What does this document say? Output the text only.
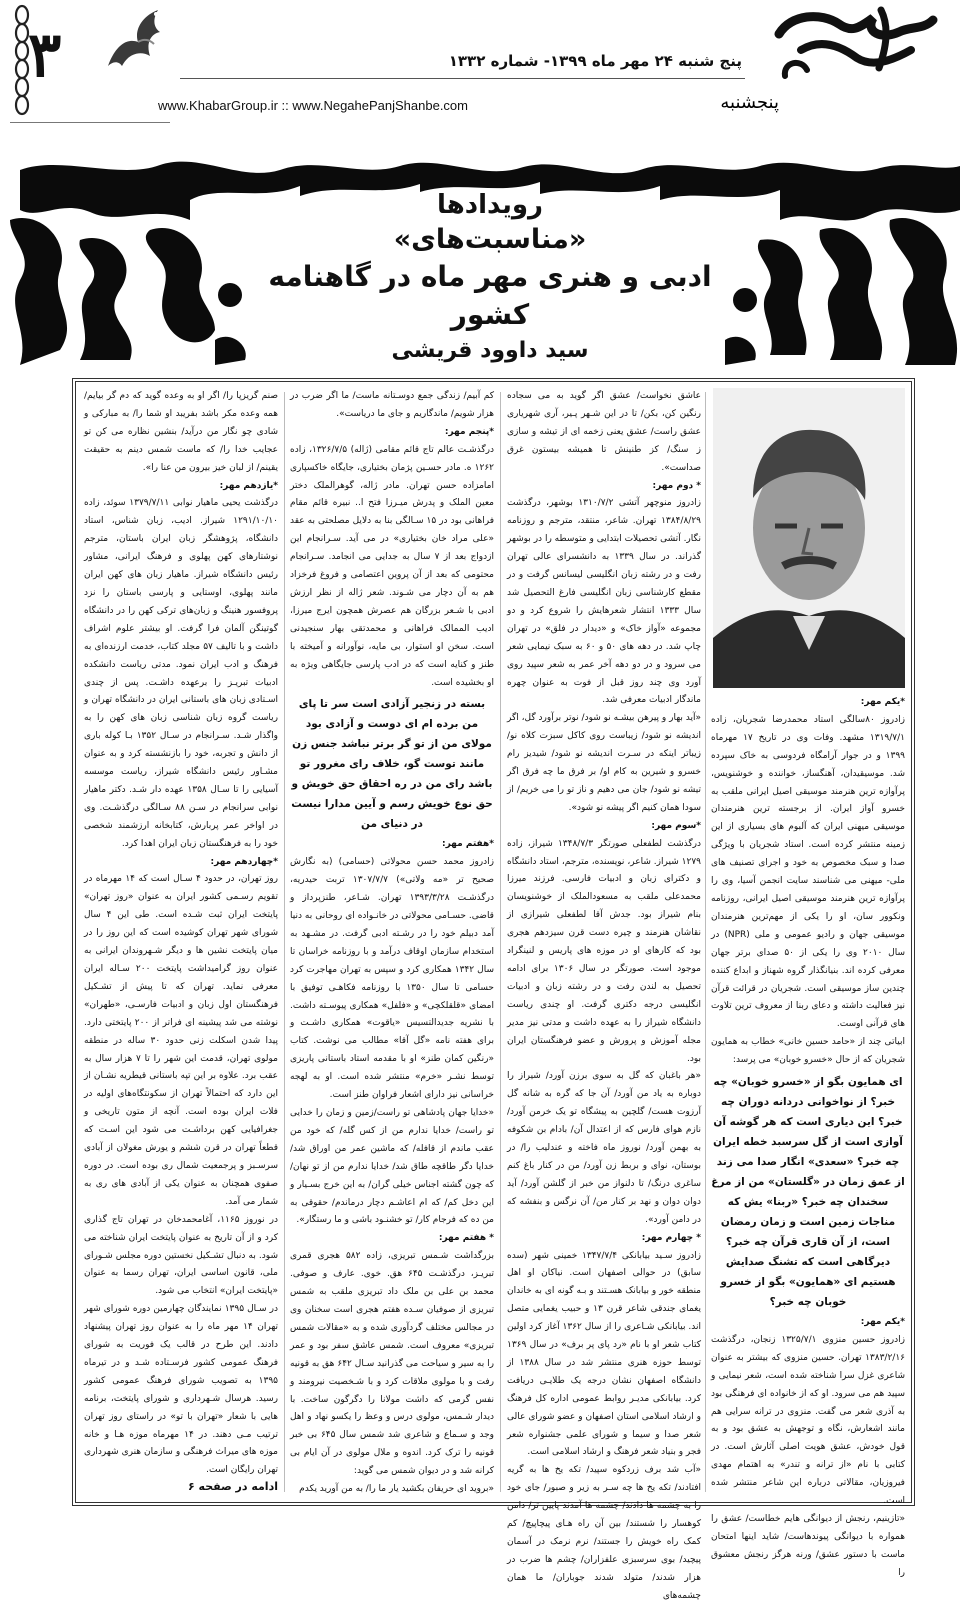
۳	پنج شنبه ۲۴ مهر ماه ۱۳۹۹- شماره ۱۳۳۲
www.KhabarGroup.ir :: www.NegahePanjShanbe.com	پنجشنبه
نگاه
رویدادها
«مناسبت‌های»
ادبی و هنری مهر ماه در گاهنامه کشور
سید داوود قریشی

*یکم مهر:

زادروز ۸۰سالگی استاد محمدرضا شجریان، زاده ۱۳۱۹/۷/۱ مشهد. وفات وی در تاریخ ۱۷ مهرماه ۱۳۹۹ و در جوار آرامگاه فردوسی به خاک سپرده شد. موسیقیدان، آهنگساز، خواننده و خوشنویس، پرآوازه ترین هنرمند موسیقی اصیل ایرانی ملقب به خسرو آواز ایران. از برجسته ترین هنرمندان موسیقی میهنی ایران که آلبوم های بسیاری از این زمینه منتشر کرده است. استاد شجریان با ویژگی صدا و سبک مخصوص به خود و اجرای تصنیف های ملی- میهنی می شناسند سایت انجمن آسیا، وی را پرآوازه ترین هنرمند موسیقی اصیل ایرانی، روزنامه ونکوور سان، او را یکی از مهم‌ترین هنرمندان موسیقی جهان و رادیو عمومی و ملی (NPR) در سال ۲۰۱۰ وی را یکی از ۵۰ صدای برتر جهان معرفی کرده اند. بنیانگذار گروه شهناز و ابداع کننده چندین ساز موسیقی است. شجریان در قرائت قرآن نیز فعالیت داشته و دعای ربنا از معروف ترین تلاوت های قرآنی اوست.

ابیاتی چند از «حامد حسین خانی» خطاب به همایون شجریان که از حال «خسرو خوبان» می پرسد:

ای همایون بگو از «خسرو خوبان» چه خبر؟ از نواخوانی دردانه دوران چه خبر؟ این دیاری است که هر گوشه آن آوازی است از گل سرسبد خطه ایران چه خبر؟ «سعدی» انگار صدا می زند از عمق زمان در «گلستان» من از مرغ سخندان چه خبر؟ «ربنا» یش که مناجات زمین است و زمان رمضان است، از آن قاری قرآن چه خبر؟ دیرگاهی است که تشنگ صدایش هستیم ای «همایون» بگو از خسرو خوبان چه خبر؟

*یکم مهر:

زادروز حسین منزوی ۱۳۲۵/۷/۱ زنجان، درگذشت ۱۳۸۳/۲/۱۶ تهران. حسین منزوی که بیشتر به عنوان شاعری غزل سرا شناخته شده است، شعر نیمایی و سپید هم می سرود. او که از خانواده ای فرهنگی بود به آذری شعر می گفت. منزوی در ترانه سرایی هم مانند اشعارش، نگاه و توجهش به عشق بود و به قول خودش، عشق هویت اصلی آثارش است. در کتابی با نام «از ترانه و تندر» به اهتمام مهدی فیروزیان، مقالاتی درباره این شاعر منتشر شده است.

«تازینیم، رنجش از دیوانگی هایم خطاست/ عشق را همواره با دیوانگی پیوندهاست/ شاید اینها امتحان ماست با دستور عشق/ ورنه هرگز رنجش معشوق را

عاشق نخواست/ عشق اگر گوید به می سجاده رنگین کن، بکن/ تا در این شـهر پـیر، آری شهریاری عشق راست/ عشق یعنی زخمه ای از تیشه و سازی ز سنگ/ کز طنینش تا همیشه بیستون غرق صداست».

* دوم مهر:

زادروز منوچهر آتشی ۱۳۱۰/۷/۲ بوشهر، درگذشت ۱۳۸۴/۸/۲۹ تهران. شاعر، منتقد، مترجم و روزنامه نگار. آتشی تحصیلات ابتدایی و متوسطه را در بوشهر گذراند. در سال ۱۳۳۹ به دانشسرای عالی تهران رفت و در رشته زبان انگلیسی لیسانس گرفت و در مقطع کارشناسی زبان انگلیسی فارغ التحصیل شد سال ۱۳۳۳ انتشار شعرهایش را شروع کرد و دو مجموعه «آواز خاک» و «دیدار در فلق» در تهران چاپ شد. در دهه های ۵۰ و ۶۰ به سبک نیمایی شعر می سرود و در دو دهه آخر عمر به شعر سپید روی آورد وی چند روز قبل از فوت به عنوان چهره ماندگار ادبیات معرفی شد.

«آید بهار و پیرهن بیشـه نو شود/ نوتر برآورد گل، اگر اندیشه نو شود/ زیباست روی کاکل سبزت کلاه نو/ زیباتر اینکه در سـرت اندیشه نو شود/ شیدیز رام خسرو و شیرین به کام او/ بر فرق ما چه فرق اگر تیشه نو شود/ جان می دهیم و ناز تو را می خریم/ از سودا همان کنیم اگر پیشه نو شود».

*سوم مهر:

درگذشت لطفعلی صورتگر ۱۳۴۸/۷/۳ شیراز، زاده ۱۲۷۹ شیراز. شاعر، نویسنده، مترجم، استاد دانشگاه و دکترای زبان و ادبیات فارسی. فرزند میرزا محمدعلی ملقب به مسعودالملک از خوشنویسان بنام شیراز بود. جدش آقا لطفعلی شیرازی از نقاشان هنرمند و چیره دست قرن سیزدهم هجری بود که کارهای او در موزه های پاریس و لنینگراد موجود است. صورتگر در سال ۱۳۰۶ برای ادامه تحصیل به لندن رفت و در رشته زبان و ادبیات انگلیسی درجه دکتری گرفت. او چندی ریاست دانشگاه شیراز را به عهده داشت و مدتی نیز مدیر مجله آموزش و پرورش و عضو فرهنگستان ایران بود.

«هر باغبان که گل به سوی برزن آورد/ شیراز را دوباره به یاد من آورد/ آن جا که گره به شانه گل آرزوت هست/ گلچین به پیشگاه تو یک خرمن آورد/ نازم هوای فارس که از اعتدال آن/ بادام بن شکوفه به بهمن آورد/ نوروز ماه فاخته و عندلیب را/ در بوستان، نوای و بربط زن آورد/ من در کنار باغ کنم ساغری درنگ/ تا دلنواز من خبر از گلشن آورد/ آید دوان دوان و نهد بر کنار من/ آن نرگس و بنفشه که در دامن آورد».

* چهارم مهر:

زادروز سـید بیابانکی ۱۳۴۷/۷/۴ خمینی شهر (سده سابق) در حوالی اصفهان است. نیاکان او اهل منطقه خور و بیابانک هسـتند و بـه گونه ای به خاندان یغمای جندقی شاعر قرن ۱۳ و حبیب یغمایی متصل اند. بیابانکی شـاعری را از سال ۱۳۶۲ آغاز کرد اولین کتاب شعر او با نام «رد پای پر برف» در سال ۱۳۶۹ توسط حوزه هنری منتشر شد در سال ۱۳۸۸ از دانشگاه اصفهان نشان درجه یک طلایـی دریافت کرد. بیابانکی مدیـر روابط عمومی اداره کل فرهنگ و ارشاد اسلامی استان اصفهان و عضو شورای عالی شعر صدا و سیما و شورای علمی جشنواره شعر فجر و بنیاد شعر فرهنگ و ارشاد اسلامی است.

«آب شد برف زردکوه سپید/ تکه یخ ها به گریه افتادند/ تکه یخ ها چه سـر به زیر و صبور/ جای خود را به چشمه ها دادند/ چشمه ها آمدند پایین تر/ دامن کوهسار را شستند/ بین آن راه هـای پیچاپیچ/ کم کمک راه خویش را جستند/ نرم نرمک در آسمان پیچید/ بوی سرسبزی علفزاران/ چشم ها ضرب در هزار شدند/ متولد شدند جوباران/ ما همان چشمه‌های

کم آبیم/ زندگی جمع دوسـتانه ماست/ ما اگر ضرب در هزار شویم/ ماندگاریم و جای ما دریاست».

*پنجم مهر:

درگذشـت عالم تاج قائم مقامی (ژاله) ۱۳۲۶/۷/۵، زاده ۱۲۶۲ ه. مادر حسـین پژمان بختیاری، جایگاه خاکسپاری امامزاده حسن تهران. مادر ژاله، گوهرالملک دختر معین الملک و پدرش میـرزا فتح ا.. نبیره قائم مقام فراهانی بود در ۱۵ سـالگی بنا به دلایل مصلحتی به عقد «علی مراد خان بختیاری» در می آید. سـرانجام این ازدواج بعد از ۷ سال به جدایی می انجامد. سـرانجام محتومی که بعد از آن پروین اعتصامی و فروغ فرخزاد هم به آن دچار می شـوند. شعر ژاله از نظر ارزش ادبی با شـعر بزرگان هم عصرش همچون ایرج میرزا، ادیب الممالک فراهانی و محمدتقی بهار سنجیدنی است. سخن او استوار، بی مایه، نوآورانه و آمیخته با طنز و کنایه است که در ادب پارسی جایگاهی ویژه به او بخشیده است.

بسته در زنجیر آزادی است سر تا پای من برده ام ای دوست و آزادی بود مولای من از تو گر برتر نباشد جنس زن مانند توست گو، خلاف رای مغرور تو باشد رای من در ره احقاق حق خویش و حق نوع خویش رسم و آیین مدارا نیست در دنیای من

*هفتم مهر:

زادروز محمد حسن محولاتی (حسامی) (به نگارش صحیح تر «مه ولاتی») ۱۳۰۷/۷/۷ تربت حیدریه، درگذشـت ۱۳۹۳/۳/۲۸ تهران. شـاعر، طنزپرداز و قاضی. حسـامی محولاتی در خانـواده ای روحانی به دنیا آمد دبیلم خود را در رشـته ادبی گرفت. در مشـهد به استخدام سازمان اوقاف درآمد و با روزنامه خراسان تا سال ۱۳۴۲ همکاری کرد و سپس به تهران مهاجرت کرد حسامی تا سال ۱۳۵۰ با روزنامه فکاهـی توفیق با امضای «قلقلکچی» و «فلفل» همکاری پیوسـته داشت. با نشریه جدیدالتسیس «یاقوت» همکاری داشـت و برای هفته نامه «گل آقا» مطالب می نوشت. کتاب «رنگین کمان طنز» او با مقدمه استاد باستانی پاریزی توسط نشـر «خرم» منتشر شده است. او به لهجه خراسانی نیز دارای اشعار فراوان طنز است.

«خدایا جهان پادشاهی تو راست/زمین و زمان را خدایی تو راست/ خدایا ندارم من از کس گله/ که خود من عقب ماندم از قافله/ که ماشین عمر من اوراق شد/ خدایا دگر طاقچه طاق شد/ خدایا ندارم من از تو نهان/ که چون گشته اجناس خیلی گران/ به این خرج بسـیار و این دخل کم/ که ام اعاشـم دچار درماندم/ حقوقی به من ده که فرجام کار/ تو خشنـود باشی و ما رستگار».

* هفتم مهر:

بزرگداشت شـمس تبریزی، زاده ۵۸۲ هجری قمری تبریـز، درگذشـت ۶۴۵ هق. خوی. عارف و صوفی. محمد بن علی بن ملک داد تبریزی ملقب به شمس تبریزی از صوفیان سـده هفتم هجری است سخنان وی در مجالس مختلف گردآوری شده و به «مقالات شمس تبریزی» معروف است. شمس عاشق سفر بود و عمر را به سیر و سیاحت می گذرانید سـال ۶۴۲ هق به قونیه رفت و با مولوی ملاقات کرد و با شـخصیت نیرومند و نفس گرمی که داشت مولانا را دگرگون ساخت. با دیدار شـمس، مولوی درس و وعظ را یکسو نهاد و اهل وجد و سـماع و شاعری شد شمس سال ۶۴۵ بی خبر قونیه را ترک کرد. اندوه و ملال مولوی در آن ایام بی کرانه شد و در دیوان شمس می گوید:

«بروید ای حریفان بکشید یار ما را/ به من آورید یکدم

صنم گریزپا را/ اگر او به وعده گوید که دم گر بیایم/ همه وعده مکر باشد بفریبد او شما را/ به مبارکی و شادی چو نگار من درآید/ بنشین نظاره می کن تو عجایب خدا را/ که ماست شمس دینم به حقیقت یقینم/ از لبان خیز بیرون من عنا را».

*یازدهم مهر:

درگذشت یحیی ماهیار نوابی ۱۳۷۹/۷/۱۱ سوئد، زاده ۱۲۹۱/۱۰/۱۰ شیراز. ادیب، زبان شناس، استاد دانشگاه، پژوهشگر زبان ایران باستان، مترجم نوشتارهای کهن پهلوی و فرهنگ ایرانی، مشاور رئیس دانشگاه شیراز. ماهیار زبان های کهن ایران مانند پهلوی، اوستایی و پارسی باستان را نزد پروفسور هنینگ و زبان‌های ترکی کهن را در دانشگاه گوتینگن آلمان فرا گرفت. او بیشتر علوم اشراف داشت و با تالیف ۵۷ مجلد کتاب، خدمت ارزنده‌ای به فرهنگ و ادب ایران نمود. مدتی ریاست دانشکده ادبیات تبریـز را برعهده داشـت. پس از چندی اسـتادی زبان های باستانی ایران در دانشگاه تهران و ریاست گروه زبان شناسی زبان های کهن را به واگذار شـد. سـرانجام در سـال ۱۳۵۲ بـا کوله باری از دانش و تجربه، خود را بازنشسته کرد و به عنوان مشـاور رئیس دانشگاه شیراز، ریاست موسسه آسیایی را تا سـال ۱۳۵۸ عهده دار شـد. دکتر ماهیار نوابی سرانجام در سـن ۸۸ سـالگی درگذشـت. وی در اواخر عمر پربارش، کتابخانه ارزشمند شخصی خود را به فرهنگستان زبان ایران اهدا کرد.

*چهاردهم مهر:

روز تهران، در حدود ۴ سـال است که ۱۴ مهرماه در تقویم رسـمی کشور ایران به عنوان «روز تهران» پایتخت ایران ثبت شـده است. طی این ۴ سال شورای شهر تهران کوشیده است که این روز را در میان پایتخت نشین ها و دیگر شـهروندان ایرانی به عنوان روز گرامیداشت پایتخت ۲۰۰ سـاله ایران معرفی نماید. تهران که تا پیش از تشـکیل فرهنگستان اول زبان و ادبیات فارسـی، «طهران» نوشته می شد پیشینه ای فراتر از ۲۰۰ پایتختی دارد. پیدا شدن اسکلت زنی حدود ۳۰ ساله در منطقه مولوی تهران، قدمت این شهر را تا ۷ هزار سال به عقب برد. علاوه بر این تپه باستانی قیطریه نشـان از این دارد که احتمالاً تهران از سکونتگاه‌های اولیه در فلات ایران بوده است. آنچه از متون تاریخی و جغرافیایی کهن برداشـت می شود این اسـت که قطعاً تهران در قرن ششم و یورش مغولان از آبادی سرسـبز و پرجمعیت شمال ری بوده است. در دوره صفوی همچنان به عنوان یکی از آبادی های ری به شمار می آمد.

در نوروز ۱۱۶۵، آغامحمدخان در تهران تاج گذاری کرد و از آن تاریخ به عنوان پایتخت ایران شناخته می شود. به دنبال تشـکیل نخستین دوره مجلس شـورای ملی، قانون اساسی ایران، تهران رسما به عنوان «پایتخت ایران» انتخاب می شود.

در سـال ۱۳۹۵ نمایندگان چهارمین دوره شورای شهر تهران ۱۴ مهر ماه را به عنوان روز تهران پیشنهاد دادند. این طرح در قالب یک فوریت به شورای فرهنگ عمومی کشور فرسـتاده شـد و در تیرماه ۱۳۹۵ به تصویب شورای فرهنگ عمومی کشور رسید. هرسال شـهرداری و شورای پایتخت، برنامه هایی با شعار «تهران با تو» در راستای روز تهران ترتیب مـی دهند. در ۱۴ مهرماه موزه هـا و خانه موزه های میراث فرهنگی و سازمان هنری شهرداری تهران رایگان است.

ادامه در صفحه ۶
